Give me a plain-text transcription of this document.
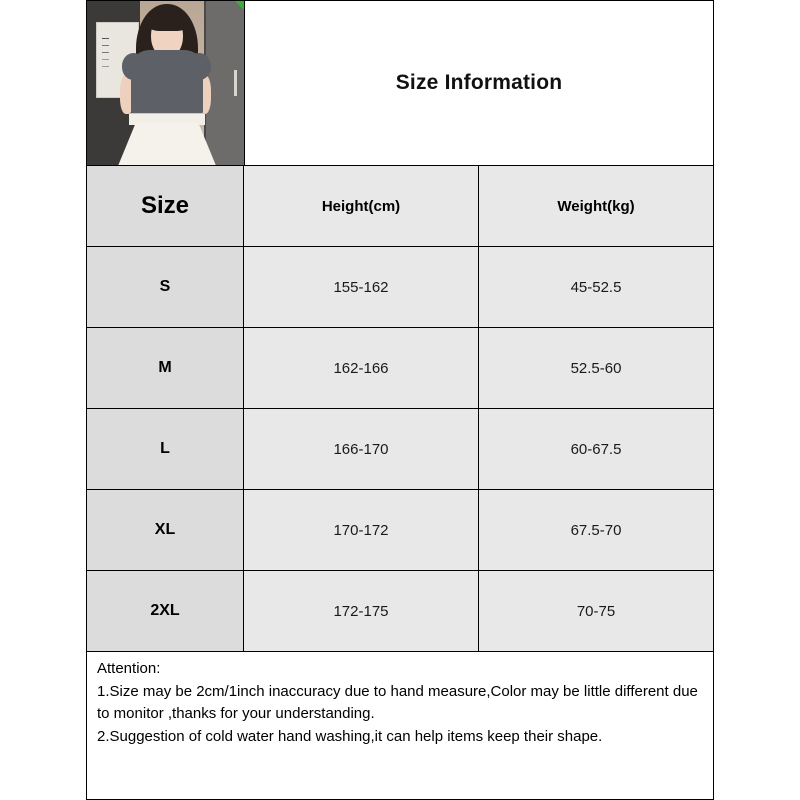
Size Information
Size	Height(cm)	Weight(kg)
S	155-162	45-52.5
M	162-166	52.5-60
L	166-170	60-67.5
XL	170-172	67.5-70
2XL	172-175	70-75

Attention:

1.Size may be 2cm/1inch inaccuracy due to hand measure,Color may be little different due to monitor ,thanks for your understanding.

2.Suggestion of cold water hand washing,it can help items keep their shape.
